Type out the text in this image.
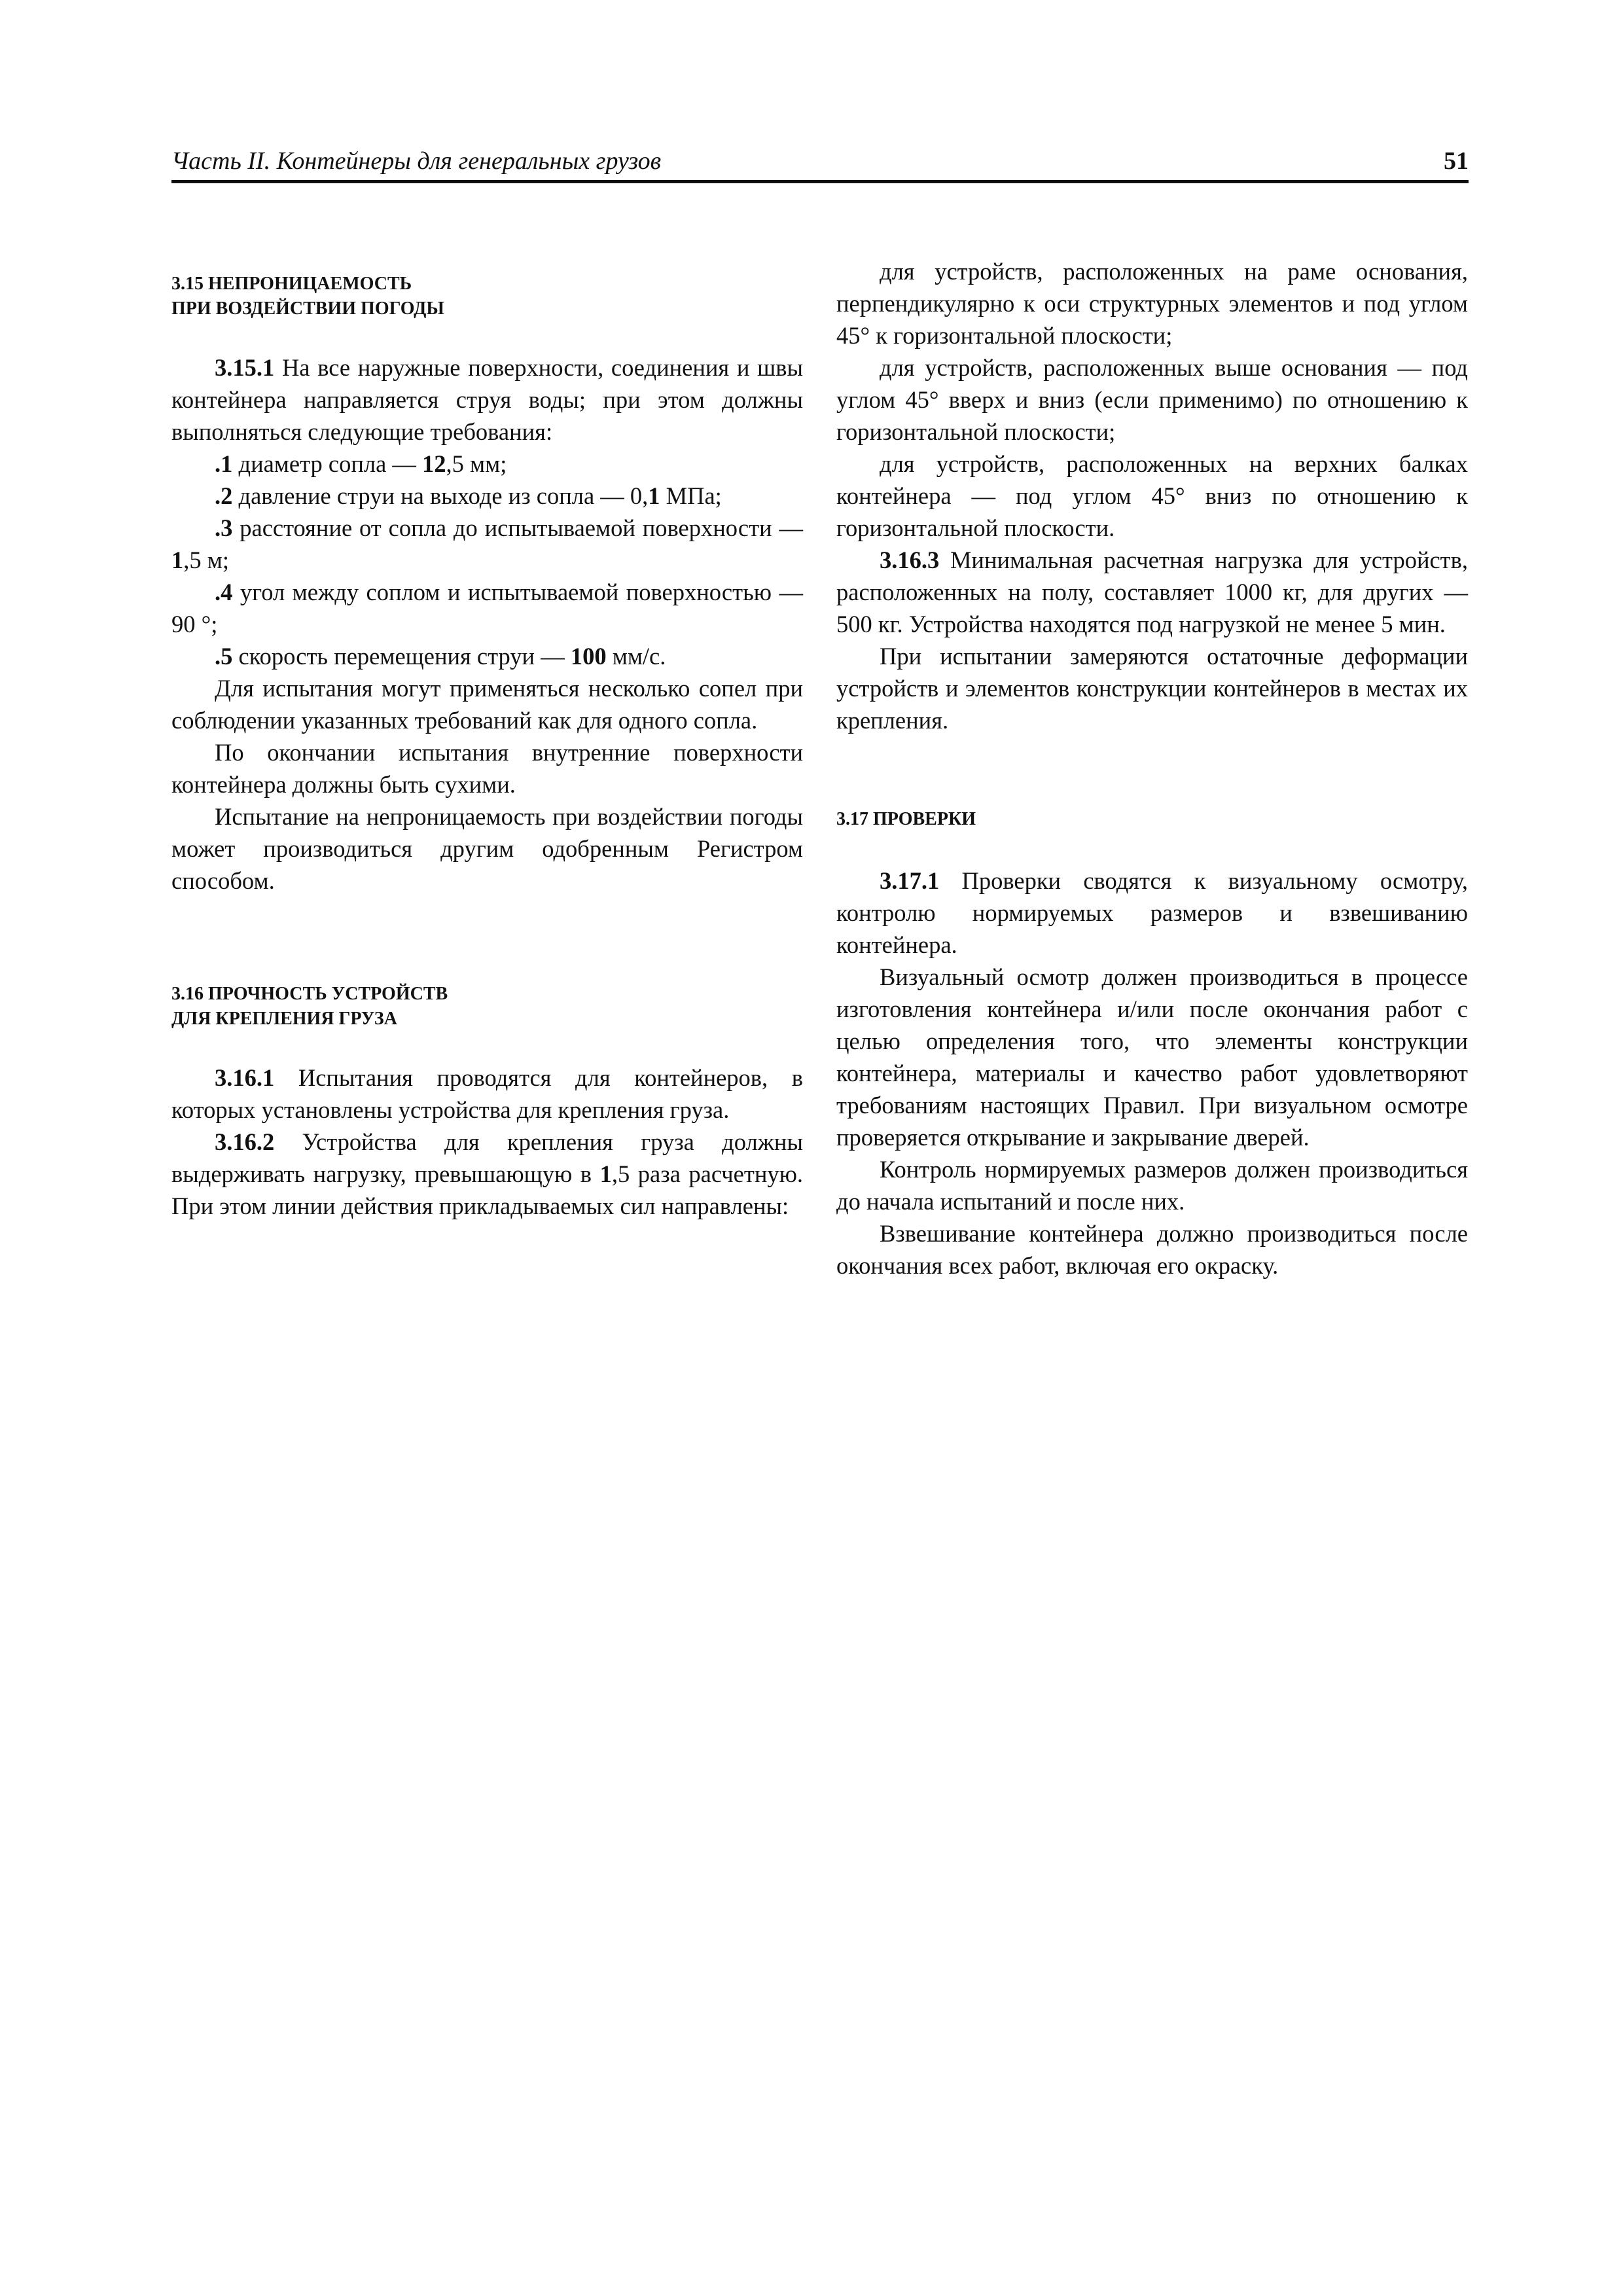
Часть II. Контейнеры для генеральных грузов	51

3.15 НЕПРОНИЦАЕМОСТЬ
ПРИ ВОЗДЕЙСТВИИ ПОГОДЫ

3.15.1 На все наружные поверхности, соединения и швы контейнера направляется струя воды; при этом должны выполняться следующие требования:

.1 диаметр сопла — 12,5 мм;

.2 давление струи на выходе из сопла — 0,1 МПа;

.3 расстояние от сопла до испытываемой поверхности — 1,5 м;

.4 угол между соплом и испытываемой поверхностью — 90 °;

.5 скорость перемещения струи — 100 мм/с.

Для испытания могут применяться несколько сопел при соблюдении указанных требований как для одного сопла.

По окончании испытания внутренние поверхности контейнера должны быть сухими.

Испытание на непроницаемость при воздействии погоды может производиться другим одобренным Регистром способом.

3.16 ПРОЧНОСТЬ УСТРОЙСТВ
ДЛЯ КРЕПЛЕНИЯ ГРУЗА

3.16.1 Испытания проводятся для контейнеров, в которых установлены устройства для крепления груза.

3.16.2 Устройства для крепления груза должны выдерживать нагрузку, превышающую в 1,5 раза расчетную. При этом линии действия прикладываемых сил направлены:

для устройств, расположенных на раме основания, перпендикулярно к оси структурных элементов и под углом 45° к горизонтальной плоскости;

для устройств, расположенных выше основания — под углом 45° вверх и вниз (если применимо) по отношению к горизонтальной плоскости;

для устройств, расположенных на верхних балках контейнера — под углом 45° вниз по отношению к горизонтальной плоскости.

3.16.3 Минимальная расчетная нагрузка для устройств, расположенных на полу, составляет 1000 кг, для других — 500 кг. Устройства находятся под нагрузкой не менее 5 мин.

При испытании замеряются остаточные деформации устройств и элементов конструкции контейнеров в местах их крепления.

3.17 ПРОВЕРКИ

3.17.1 Проверки сводятся к визуальному осмотру, контролю нормируемых размеров и взвешиванию контейнера.

Визуальный осмотр должен производиться в процессе изготовления контейнера и/или после окончания работ с целью определения того, что элементы конструкции контейнера, материалы и качество работ удовлетворяют требованиям настоящих Правил. При визуальном осмотре проверяется открывание и закрывание дверей.

Контроль нормируемых размеров должен производиться до начала испытаний и после них.

Взвешивание контейнера должно производиться после окончания всех работ, включая его окраску.
